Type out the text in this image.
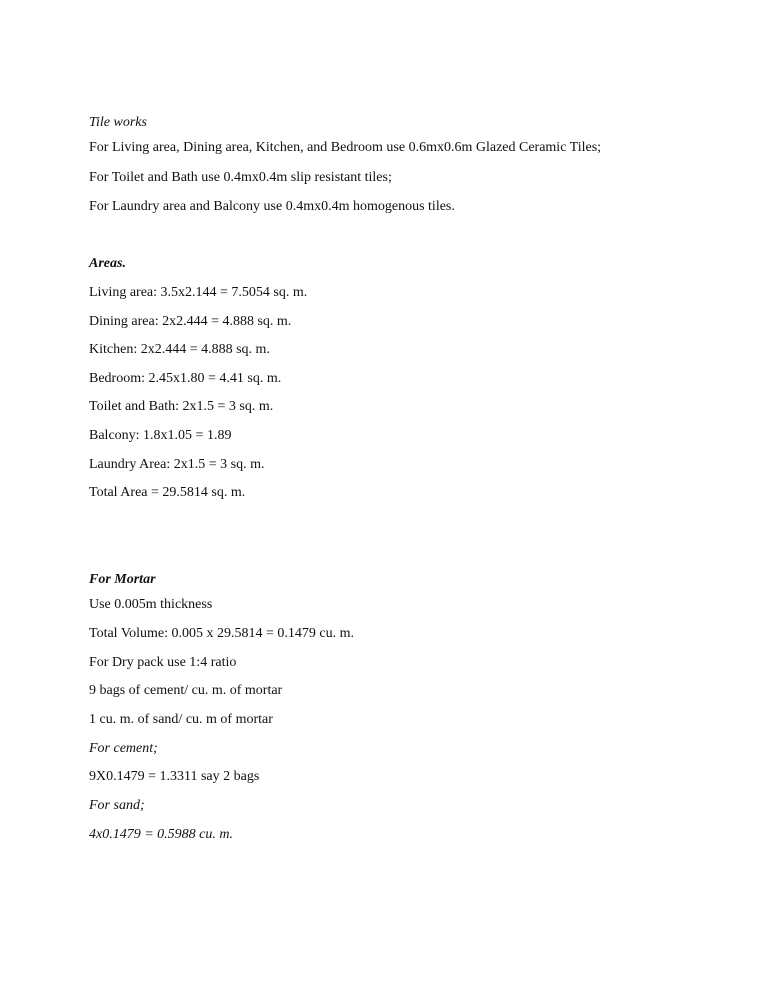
Tile works
For Living area, Dining area, Kitchen, and Bedroom use 0.6mx0.6m Glazed Ceramic Tiles;
For Toilet and Bath use 0.4mx0.4m slip resistant tiles;
For Laundry area and Balcony use 0.4mx0.4m homogenous tiles.
Areas.
Living area: 3.5x2.144 = 7.5054 sq. m.
Dining area: 2x2.444 = 4.888 sq. m.
Kitchen: 2x2.444 = 4.888 sq. m.
Bedroom: 2.45x1.80 = 4.41 sq. m.
Toilet and Bath: 2x1.5 = 3 sq. m.
Balcony: 1.8x1.05 = 1.89
Laundry Area: 2x1.5 = 3 sq. m.
Total Area = 29.5814 sq. m.
For Mortar
Use 0.005m thickness
Total Volume: 0.005 x 29.5814 = 0.1479 cu. m.
For Dry pack use 1:4 ratio
9 bags of cement/ cu. m. of mortar
1 cu. m. of sand/ cu. m of mortar
For cement;
9X0.1479 = 1.3311 say 2 bags
For sand;
4x0.1479 = 0.5988 cu. m.
